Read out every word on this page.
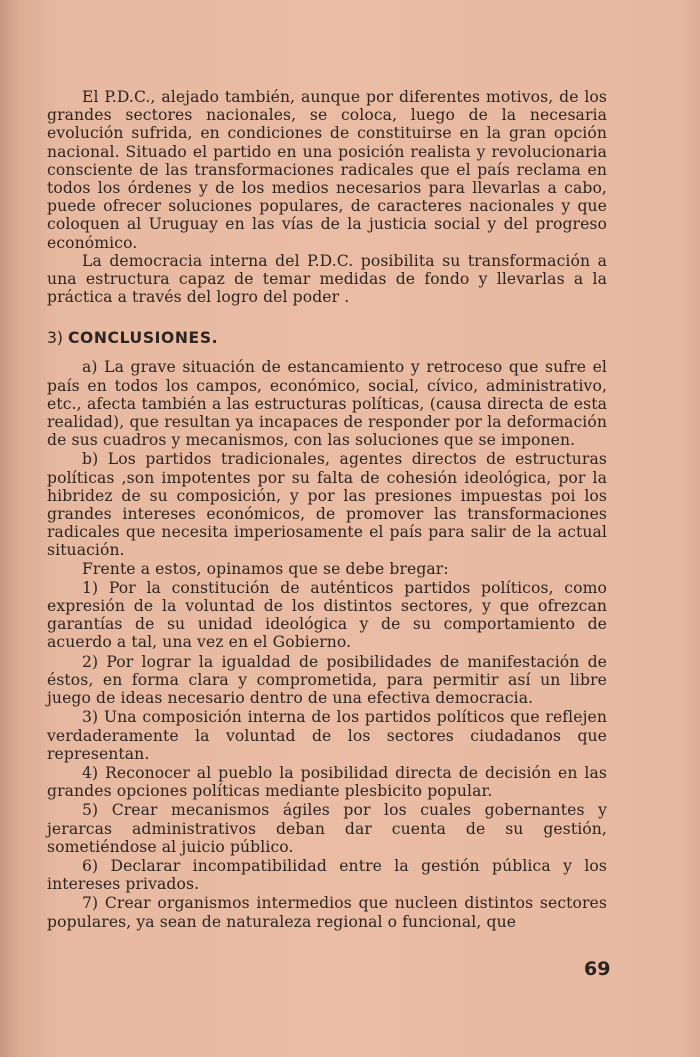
El P.D.C., alejado también, aunque por diferentes motivos, de los grandes sectores nacionales, se coloca, luego de la necesaria evolución sufrida, en condiciones de constituirse en la gran opción nacional. Situado el partido en una posición realista y revolucionaria consciente de las transformaciones radicales que el país reclama en todos los órdenes y de los medios necesarios para llevarlas a cabo, puede ofrecer soluciones populares, de caracteres nacionales y que coloquen al Uruguay en las vías de la justicia social y del progreso económico.

La democracia interna del P.D.C. posibilita su transformación a una estructura capaz de temar medidas de fondo y llevarlas a la práctica a través del logro del poder .

3) CONCLUSIONES.

a) La grave situación de estancamiento y retroceso que sufre el país en todos los campos, económico, social, cívico, administrativo, etc., afecta también a las estructuras políticas, (causa directa de esta realidad), que resultan ya incapaces de responder por la deformación de sus cuadros y mecanismos, con las soluciones que se imponen.

b) Los partidos tradicionales, agentes directos de estructuras políticas ,son impotentes por su falta de cohesión ideológica, por la hibridez de su composición, y por las presiones impuestas poi los grandes intereses económicos, de promover las transformaciones radicales que necesita imperiosamente el país para salir de la actual situación.

Frente a estos, opinamos que se debe bregar:

1) Por la constitución de auténticos partidos políticos, como expresión de la voluntad de los distintos sectores, y que ofrezcan garantías de su unidad ideológica y de su comportamiento de acuerdo a tal, una vez en el Gobierno.

2) Por lograr la igualdad de posibilidades de manifestación de éstos, en forma clara y comprometida, para permitir así un libre juego de ideas necesario dentro de una efectiva democracia.

3) Una composición interna de los partidos políticos que reflejen verdaderamente la voluntad de los sectores ciudadanos que representan.

4) Reconocer al pueblo la posibilidad directa de decisión en las grandes opciones políticas mediante plesbicito popular.

5) Crear mecanismos ágiles por los cuales gobernantes y jerarcas administrativos deban dar cuenta de su gestión, sometiéndose al juicio público.

6) Declarar incompatibilidad entre la gestión pública y los intereses privados.

7) Crear organismos intermedios que nucleen distintos sectores populares, ya sean de naturaleza regional o funcional, que

69
